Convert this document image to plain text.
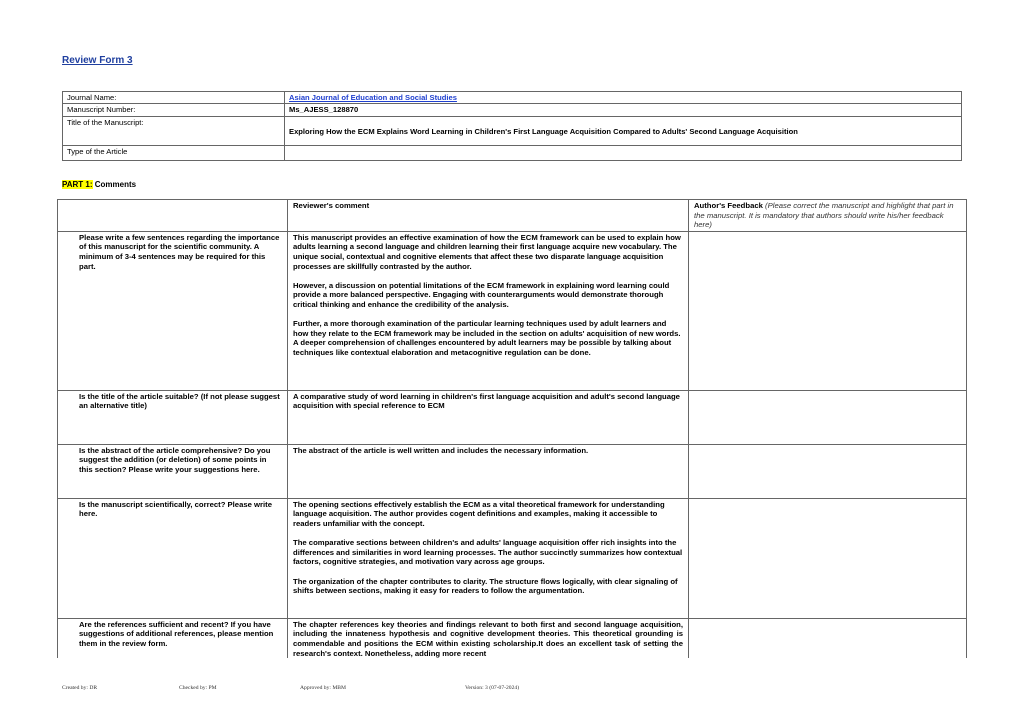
Review Form 3
Journal Name:	Asian Journal of Education and Social Studies
Manuscript Number:	Ms_AJESS_128870
Title of the Manuscript:	Exploring How the ECM Explains Word Learning in Children's First Language Acquisition Compared to Adults' Second Language Acquisition
Type of the Article	
PART 1: Comments
	Reviewer's comment	Author's Feedback (Please correct the manuscript and highlight that part in the manuscript. It is mandatory that authors should write his/her feedback here)
Please write a few sentences regarding the importance of this manuscript for the scientific community. A minimum of 3-4 sentences may be required for this part.	This manuscript provides an effective examination of how the ECM framework can be used to explain how adults learning a second language and children learning their first language acquire new vocabulary. The unique social, contextual and cognitive elements that affect these two disparate language acquisition processes are skillfully contrasted by the author.

However, a discussion on potential limitations of the ECM framework in explaining word learning could provide a more balanced perspective. Engaging with counterarguments would demonstrate thorough critical thinking and enhance the credibility of the analysis.

Further, a more thorough examination of the particular learning techniques used by adult learners and how they relate to the ECM framework may be included in the section on adults' acquisition of new words. A deeper comprehension of challenges encountered by adult learners may be possible by talking about techniques like contextual elaboration and metacognitive regulation can be done.	

Is the title of the article suitable? (If not please suggest an alternative title)	A comparative study of word learning in children's first language acquisition and adult's second language acquisition with special reference to ECM	

Is the abstract of the article comprehensive? Do you suggest the addition (or deletion) of some points in this section? Please write your suggestions here.	The abstract of the article is well written and includes the necessary information.	

Is the manuscript scientifically, correct? Please write here.	The opening sections effectively establish the ECM as a vital theoretical framework for understanding language acquisition. The author provides cogent definitions and examples, making it accessible to readers unfamiliar with the concept.

The comparative sections between children's and adults' language acquisition offer rich insights into the differences and similarities in word learning processes. The author succinctly summarizes how contextual factors, cognitive strategies, and motivation vary across age groups.

The organization of the chapter contributes to clarity. The structure flows logically, with clear signaling of shifts between sections, making it easy for readers to follow the argumentation.	

Are the references sufficient and recent? If you have suggestions of additional references, please mention them in the review form.	The chapter references key theories and findings relevant to both first and second language acquisition, including the innateness hypothesis and cognitive development theories. This theoretical grounding is commendable and positions the ECM within existing scholarship.It does an excellent task of setting the research's context. Nonetheless, adding more recent	

Created by: DR	Checked by: PM	Approved by: MBM	Version: 3 (07-07-2024)
